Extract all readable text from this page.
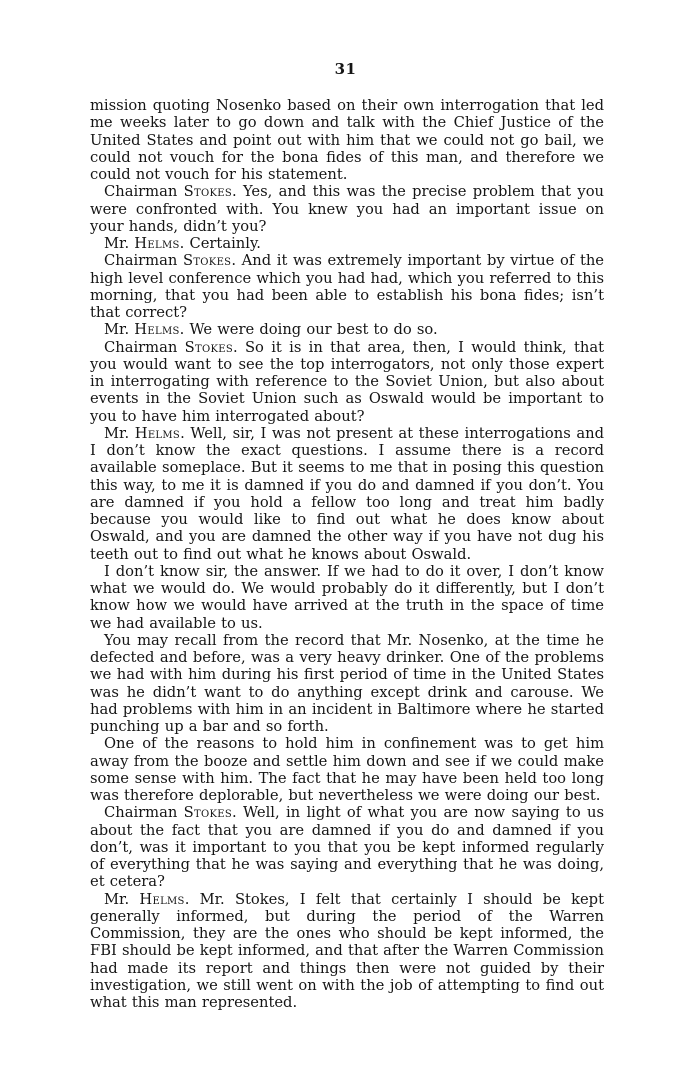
31

mission quoting Nosenko based on their own interrogation that led me weeks later to go down and talk with the Chief Justice of the United States and point out with him that we could not go bail, we could not vouch for the bona fides of this man, and therefore we could not vouch for his statement.

Chairman Stokes. Yes, and this was the precise problem that you were confronted with. You knew you had an important issue on your hands, didn’t you?

Mr. Helms. Certainly.

Chairman Stokes. And it was extremely important by virtue of the high level conference which you had had, which you referred to this morning, that you had been able to establish his bona fides; isn’t that correct?

Mr. Helms. We were doing our best to do so.

Chairman Stokes. So it is in that area, then, I would think, that you would want to see the top interrogators, not only those expert in interrogating with reference to the Soviet Union, but also about events in the Soviet Union such as Oswald would be important to you to have him interrogated about?

Mr. Helms. Well, sir, I was not present at these interrogations and I don’t know the exact questions. I assume there is a record available someplace. But it seems to me that in posing this question this way, to me it is damned if you do and damned if you don’t. You are damned if you hold a fellow too long and treat him badly because you would like to find out what he does know about Oswald, and you are damned the other way if you have not dug his teeth out to find out what he knows about Oswald.

I don’t know sir, the answer. If we had to do it over, I don’t know what we would do. We would probably do it differently, but I don’t know how we would have arrived at the truth in the space of time we had available to us.

You may recall from the record that Mr. Nosenko, at the time he defected and before, was a very heavy drinker. One of the problems we had with him during his first period of time in the United States was he didn’t want to do anything except drink and carouse. We had problems with him in an incident in Baltimore where he started punching up a bar and so forth.

One of the reasons to hold him in confinement was to get him away from the booze and settle him down and see if we could make some sense with him. The fact that he may have been held too long was therefore deplorable, but nevertheless we were doing our best.

Chairman Stokes. Well, in light of what you are now saying to us about the fact that you are damned if you do and damned if you don’t, was it important to you that you be kept informed regularly of everything that he was saying and everything that he was doing, et cetera?

Mr. Helms. Mr. Stokes, I felt that certainly I should be kept generally informed, but during the period of the Warren Commission, they are the ones who should be kept informed, the FBI should be kept informed, and that after the Warren Commission had made its report and things then were not guided by their investigation, we still went on with the job of attempting to find out what this man represented.
